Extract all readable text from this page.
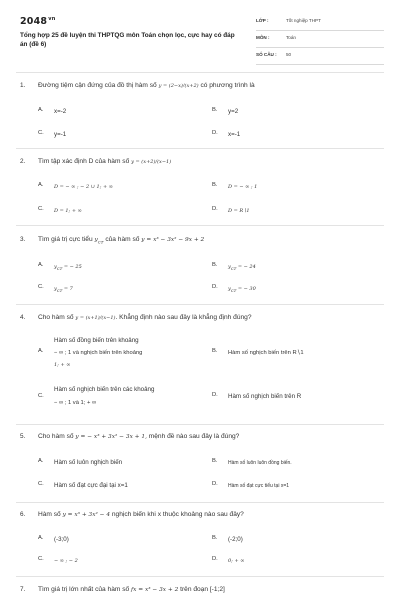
$2048^{vn}$
Tổng hợp 25 đề luyện thi THPTQG môn Toán chọn lọc, cực hay có đáp án (đề 6)
LỚP :	Tốt nghiệp THPT
MÔN :	Toán
SỐ CÂU : 50
1. Đường tiệm cận đứng của đồ thị hàm số y = (2−x)/(x+2) có phương trình là
A. x=-2	B. y=2
C. y=-1	D. x=-1
2. Tìm tập xác định D của hàm số y = (x+2)/(x−1)
A. D = − ∞ ; − 2 ∪ 1; + ∞	B. D = − ∞ ; 1
C. D = 1; + ∞	D. D = R∖1
3. Tìm giá trị cực tiểu $y_{CT}$ của hàm số y = x³ − 3x² − 9x + 2
A. $y_{CT}$ = − 25	B. $y_{CT}$ = − 24
C. $y_{CT} = 7$	D. $y_{CT}$ = − 30
4. Cho hàm số y = (x+1)/(x−1). Khẳng định nào sau đây là khẳng định đúng?
A.
Hàm số đồng biến trên khoảng
− ∞ ; 1 và nghịch biến trên khoảng
1; + ∞
B. Hàm số nghịch biến trên R∖1
C.
Hàm số nghịch biến trên các khoảng
− ∞ ; 1 và 1; + ∞
D. Hàm số nghịch biến trên R
5. Cho hàm số y = − x³ + 3x² − 3x + 1, mệnh đề nào sau đây là đúng?
A. Hàm số luôn nghịch biến	B. Hàm số luôn luôn đồng biến.
C. Hàm số đạt cực đại tại x=1	D. Hàm số đạt cực tiểu tại x=1
6. Hàm số y = x³ + 3x² − 4 nghịch biến khi x thuộc khoảng nào sau đây?
A. (-3;0)	B. (-2;0)
C. − ∞ ; − 2	D. 0; + ∞
7. Tìm giá trị lớn nhất của hàm số fx = x³ − 3x + 2 trên đoạn [-1;2]
